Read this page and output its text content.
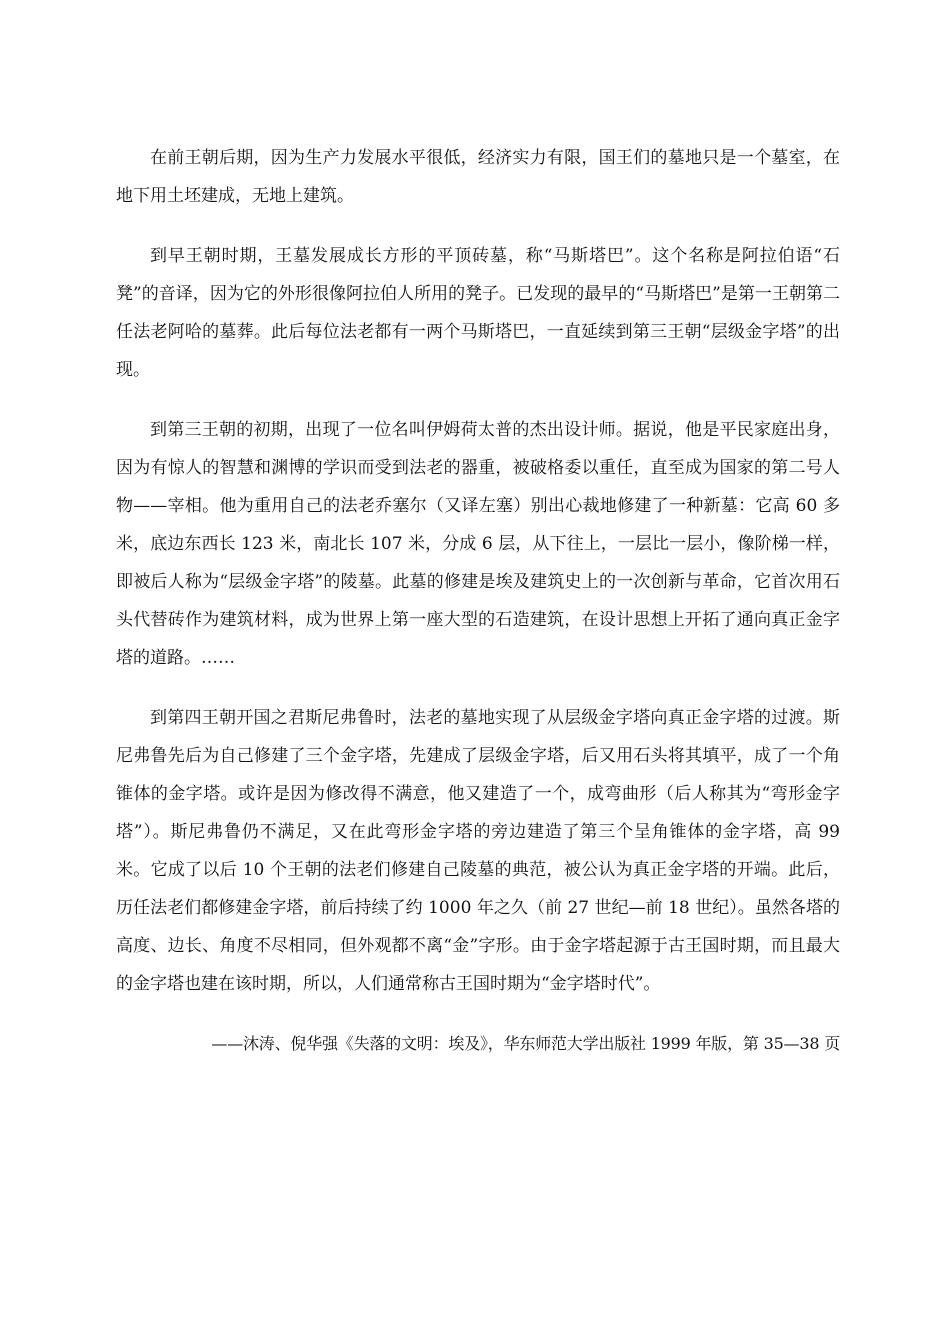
在前王朝后期，因为生产力发展水平很低，经济实力有限，国王们的墓地只是一个墓室，在地下用土坯建成，无地上建筑。

到早王朝时期，王墓发展成长方形的平顶砖墓，称“马斯塔巴”。这个名称是阿拉伯语“石凳”的音译，因为它的外形很像阿拉伯人所用的凳子。已发现的最早的“马斯塔巴”是第一王朝第二任法老阿哈的墓葬。此后每位法老都有一两个马斯塔巴，一直延续到第三王朝“层级金字塔”的出现。

到第三王朝的初期，出现了一位名叫伊姆荷太普的杰出设计师。据说，他是平民家庭出身，因为有惊人的智慧和渊博的学识而受到法老的器重，被破格委以重任，直至成为国家的第二号人物——宰相。他为重用自己的法老乔塞尔（又译左塞）别出心裁地修建了一种新墓：它高 60 多米，底边东西长 123 米，南北长 107 米，分成 6 层，从下往上，一层比一层小，像阶梯一样，即被后人称为“层级金字塔”的陵墓。此墓的修建是埃及建筑史上的一次创新与革命，它首次用石头代替砖作为建筑材料，成为世界上第一座大型的石造建筑，在设计思想上开拓了通向真正金字塔的道路。……

到第四王朝开国之君斯尼弗鲁时，法老的墓地实现了从层级金字塔向真正金字塔的过渡。斯尼弗鲁先后为自己修建了三个金字塔，先建成了层级金字塔，后又用石头将其填平，成了一个角锥体的金字塔。或许是因为修改得不满意，他又建造了一个，成弯曲形（后人称其为“弯形金字塔”）。斯尼弗鲁仍不满足，又在此弯形金字塔的旁边建造了第三个呈角锥体的金字塔，高 99 米。它成了以后 10 个王朝的法老们修建自己陵墓的典范，被公认为真正金字塔的开端。此后，历任法老们都修建金字塔，前后持续了约 1000 年之久（前 27 世纪—前 18 世纪）。虽然各塔的高度、边长、角度不尽相同，但外观都不离“金”字形。由于金字塔起源于古王国时期，而且最大的金字塔也建在该时期，所以，人们通常称古王国时期为“金字塔时代”。

——沐涛、倪华强《失落的文明：埃及》，华东师范大学出版社 1999 年版，第 35—38 页
